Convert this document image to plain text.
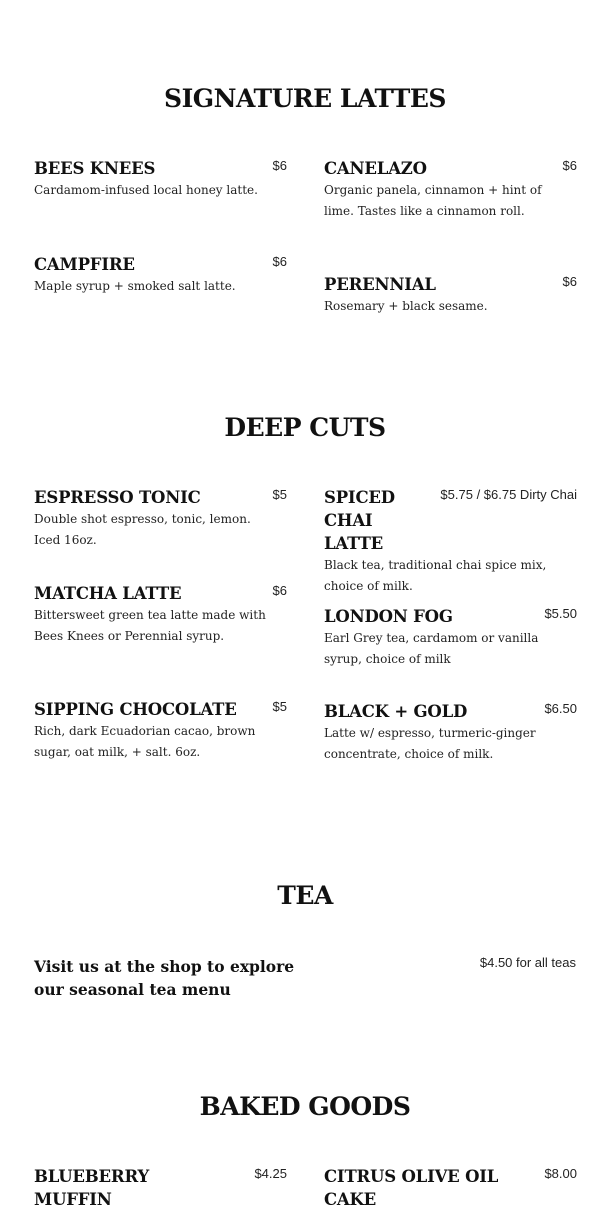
SIGNATURE LATTES
BEES KNEES	$6

Cardamom-infused local honey latte.

CANELAZO	$6

Organic panela, cinnamon + hint of lime. Tastes like a cinnamon roll.

CAMPFIRE	$6

Maple syrup + smoked salt latte.	PERENNIAL	$6

Rosemary + black sesame.

DEEP CUTS
ESPRESSO TONIC	$5

Double shot espresso, tonic, lemon. Iced 16oz.

SPICED CHAI LATTE
$5.75 / $6.75 Dirty Chai

Black tea, traditional chai spice mix, choice of milk.

MATCHA LATTE	$6

Bittersweet green tea latte made with Bees Knees or Perennial syrup.

LONDON FOG	$5.50

Earl Grey tea, cardamom or vanilla syrup, choice of milk

SIPPING CHOCOLATE	$5

Rich, dark Ecuadorian cacao, brown sugar, oat milk, + salt. 6oz.

BLACK + GOLD	$6.50

Latte w/ espresso, turmeric-ginger concentrate, choice of milk.

TEA

Visit us at the shop to explore our seasonal tea menu

$4.50 for all teas
BAKED GOODS
BLUEBERRY MUFFIN
$4.25 CITRUS OLIVE OIL CAKE
$8.00
